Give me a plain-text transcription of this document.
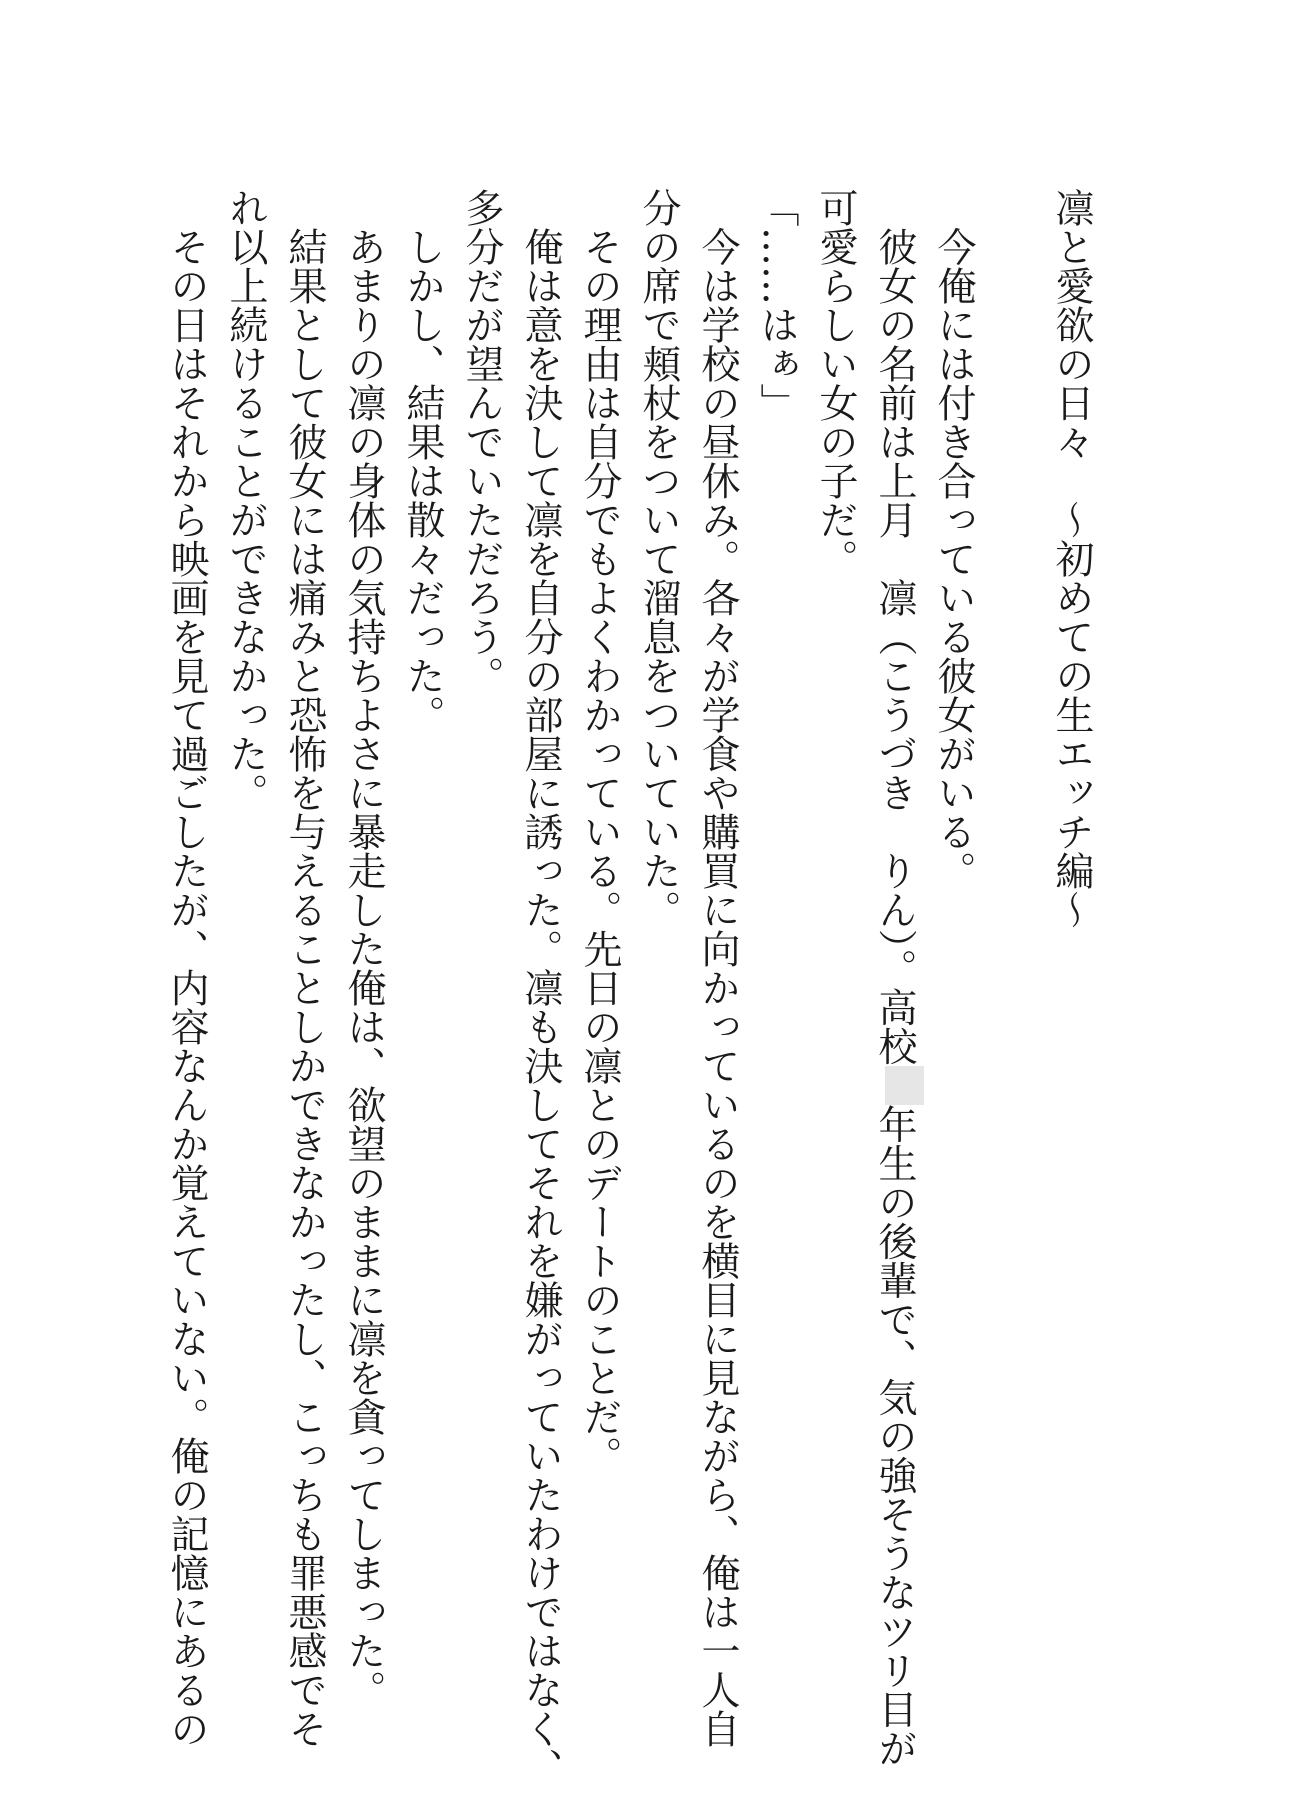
凛と愛欲の日々　～初めての生エッチ編～
　今俺には付き合っている彼女がいる。
　彼女の名前は上月　凛（こうづき　りん）。高校年生の後輩で、気の強そうなツリ目が
可愛らしい女の子だ。
「……はぁ」
　今は学校の昼休み。各々が学食や購買に向かっているのを横目に見ながら、俺は一人自
分の席で頬杖をついて溜息をついていた。
　その理由は自分でもよくわかっている。先日の凛とのデートのことだ。
　俺は意を決して凛を自分の部屋に誘った。凛も決してそれを嫌がっていたわけではなく、
多分だが望んでいただろう。
　しかし、結果は散々だった。
　あまりの凛の身体の気持ちよさに暴走した俺は、欲望のままに凛を貪ってしまった。
　結果として彼女には痛みと恐怖を与えることしかできなかったし、こっちも罪悪感でそ
れ以上続けることができなかった。
　その日はそれから映画を見て過ごしたが、内容なんか覚えていない。俺の記憶にあるの
